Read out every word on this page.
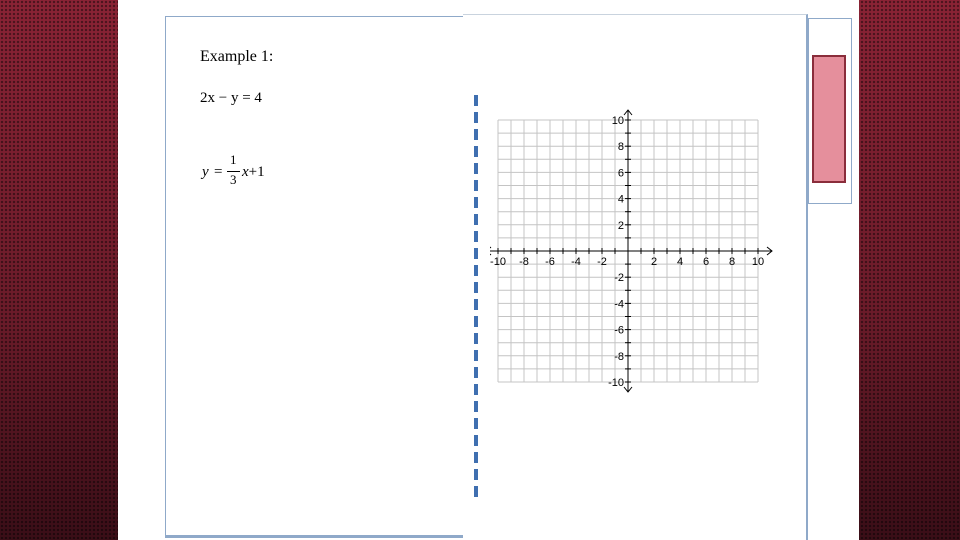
Example 1:
2x − y = 4
y =
1
3 x+1
-10 -8 -6 -4 -2	2 4 6 8 10
10
8
6
4
2
-2
-4
-6
-8
-10
